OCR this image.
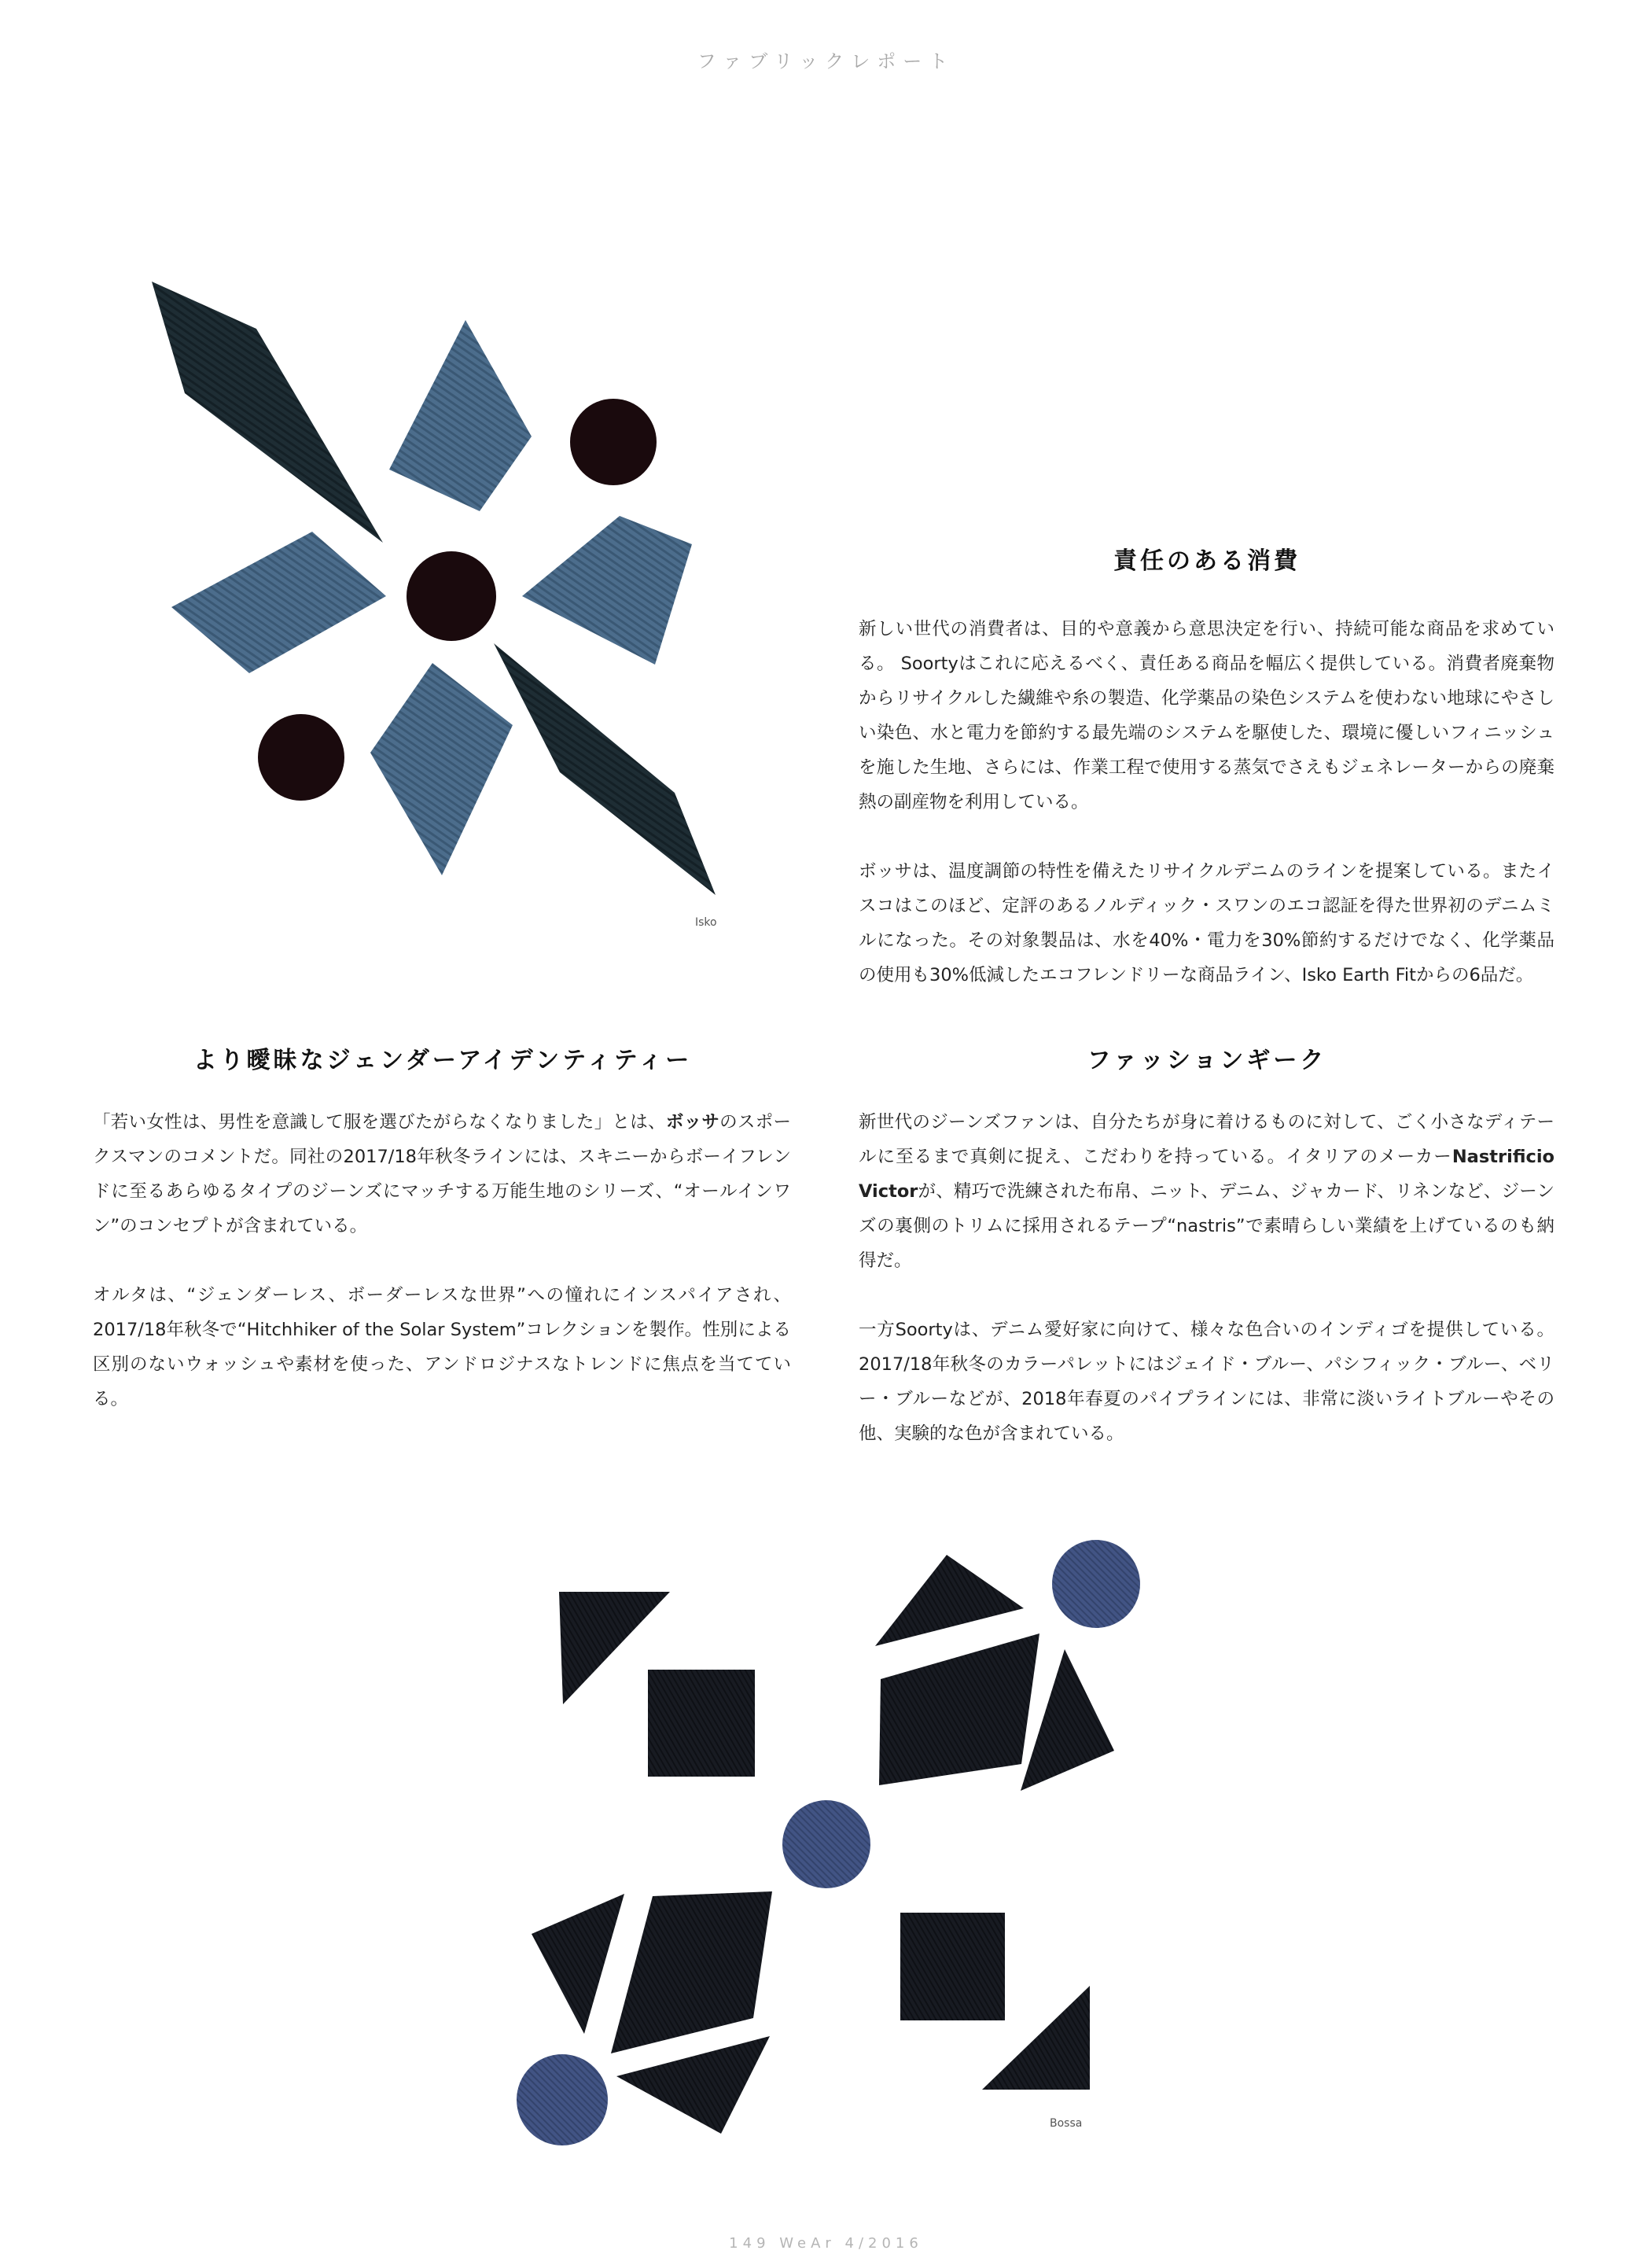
ファブリックレポート
Isko
Bossa
責任のある消費

新しい世代の消費者は、目的や意義から意思決定を行い、持続可能な商品を求めている。 Soortyはこれに応えるべく、責任ある商品を幅広く提供している。消費者廃棄物からリサイクルした繊維や糸の製造、化学薬品の染色システムを使わない地球にやさしい染色、水と電力を節約する最先端のシステムを駆使した、環境に優しいフィニッシュを施した生地、さらには、作業工程で使用する蒸気でさえもジェネレーターからの廃棄熱の副産物を利用している。

ボッサは、温度調節の特性を備えたリサイクルデニムのラインを提案している。またイスコはこのほど、定評のあるノルディック・スワンのエコ認証を得た世界初のデニムミルになった。その対象製品は、水を40%・電力を30%節約するだけでなく、化学薬品の使用も30%低減したエコフレンドリーな商品ライン、Isko Earth Fitからの6品だ。

より曖昧なジェンダーアイデンティティー

「若い女性は、男性を意識して服を選びたがらなくなりました」とは、ボッサのスポークスマンのコメントだ。同社の2017/18年秋冬ラインには、スキニーからボーイフレンドに至るあらゆるタイプのジーンズにマッチする万能生地のシリーズ、“オールインワン”のコンセプトが含まれている。

オルタは、“ジェンダーレス、ボーダーレスな世界”への憧れにインスパイアされ、2017/18年秋冬で“Hitchhiker of the Solar System”コレクションを製作。性別による区別のないウォッシュや素材を使った、アンドロジナスなトレンドに焦点を当てている。

ファッションギーク

新世代のジーンズファンは、自分たちが身に着けるものに対して、ごく小さなディテールに至るまで真剣に捉え、こだわりを持っている。イタリアのメーカーNastrificio Victorが、精巧で洗練された布帛、ニット、デニム、ジャカード、リネンなど、ジーンズの裏側のトリムに採用されるテープ“nastris”で素晴らしい業績を上げているのも納得だ。

一方Soortyは、デニム愛好家に向けて、様々な色合いのインディゴを提供している。2017/18年秋冬のカラーパレットにはジェイド・ブルー、パシフィック・ブルー、ベリー・ブルーなどが、2018年春夏のパイプラインには、非常に淡いライトブルーやその他、実験的な色が含まれている。

149 WeAr 4/2016
